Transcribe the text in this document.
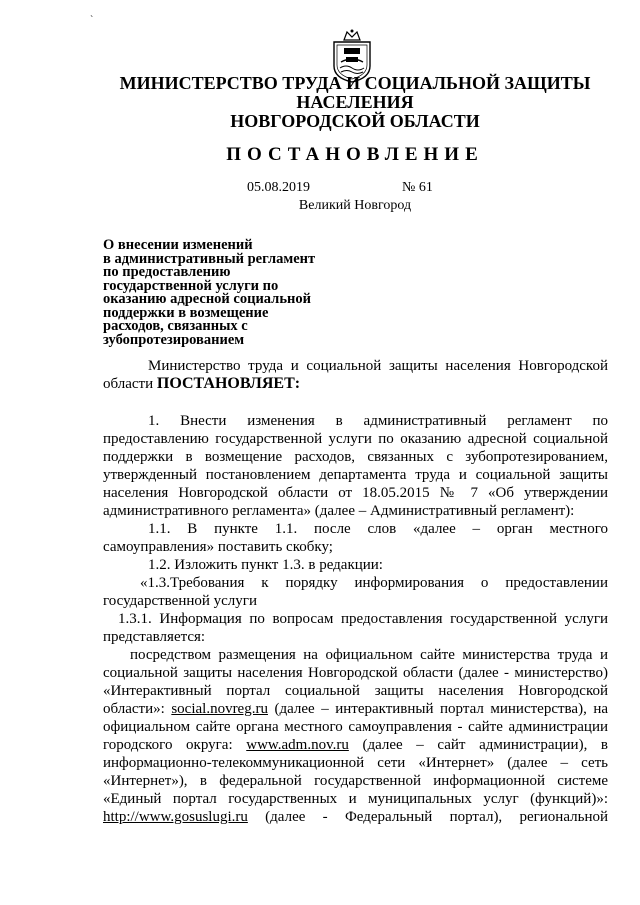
`
МИНИСТЕРСТВО ТРУДА И СОЦИАЛЬНОЙ ЗАЩИТЫ НАСЕЛЕНИЯ
НОВГОРОДСКОЙ ОБЛАСТИ
ПОСТАНОВЛЕНИЕ
05.08.2019	№ 61
Великий Новгород
О внесении изменений
в административный регламент
по предоставлению
государственной услуги по
оказанию адресной социальной
поддержки в возмещение
расходов, связанных с
зубопротезированием
Министерство труда и социальной защиты населения Новгородской
области ПОСТАНОВЛЯЕТ:
1. Внести изменения в административный регламент по
предоставлению государственной услуги по оказанию адресной социальной
поддержки в возмещение расходов, связанных с зубопротезированием,
утвержденный постановлением департамента труда и социальной защиты
населения Новгородской области от 18.05.2015 № 7 «Об утверждении
административного регламента» (далее – Административный регламент):
1.1. В пункте 1.1. после слов «далее – орган местного
самоуправления» поставить скобку;
1.2. Изложить пункт 1.3. в редакции:
«1.3.Требования к порядку информирования о предоставлении
государственной услуги
1.3.1. Информация по вопросам предоставления государственной услуги
представляется:
посредством размещения на официальном сайте министерства труда и
социальной защиты населения Новгородской области (далее - министерство)
«Интерактивный портал социальной защиты населения Новгородской
области»: social.novreg.ru (далее – интерактивный портал министерства), на
официальном сайте органа местного самоуправления - сайте администрации
городского округа: www.adm.nov.ru (далее – сайт администрации), в
информационно-телекоммуникационной сети «Интернет» (далее – сеть
«Интернет»), в федеральной государственной информационной системе
«Единый портал государственных и муниципальных услуг (функций)»:
http://www.gosuslugi.ru (далее - Федеральный портал), региональной
